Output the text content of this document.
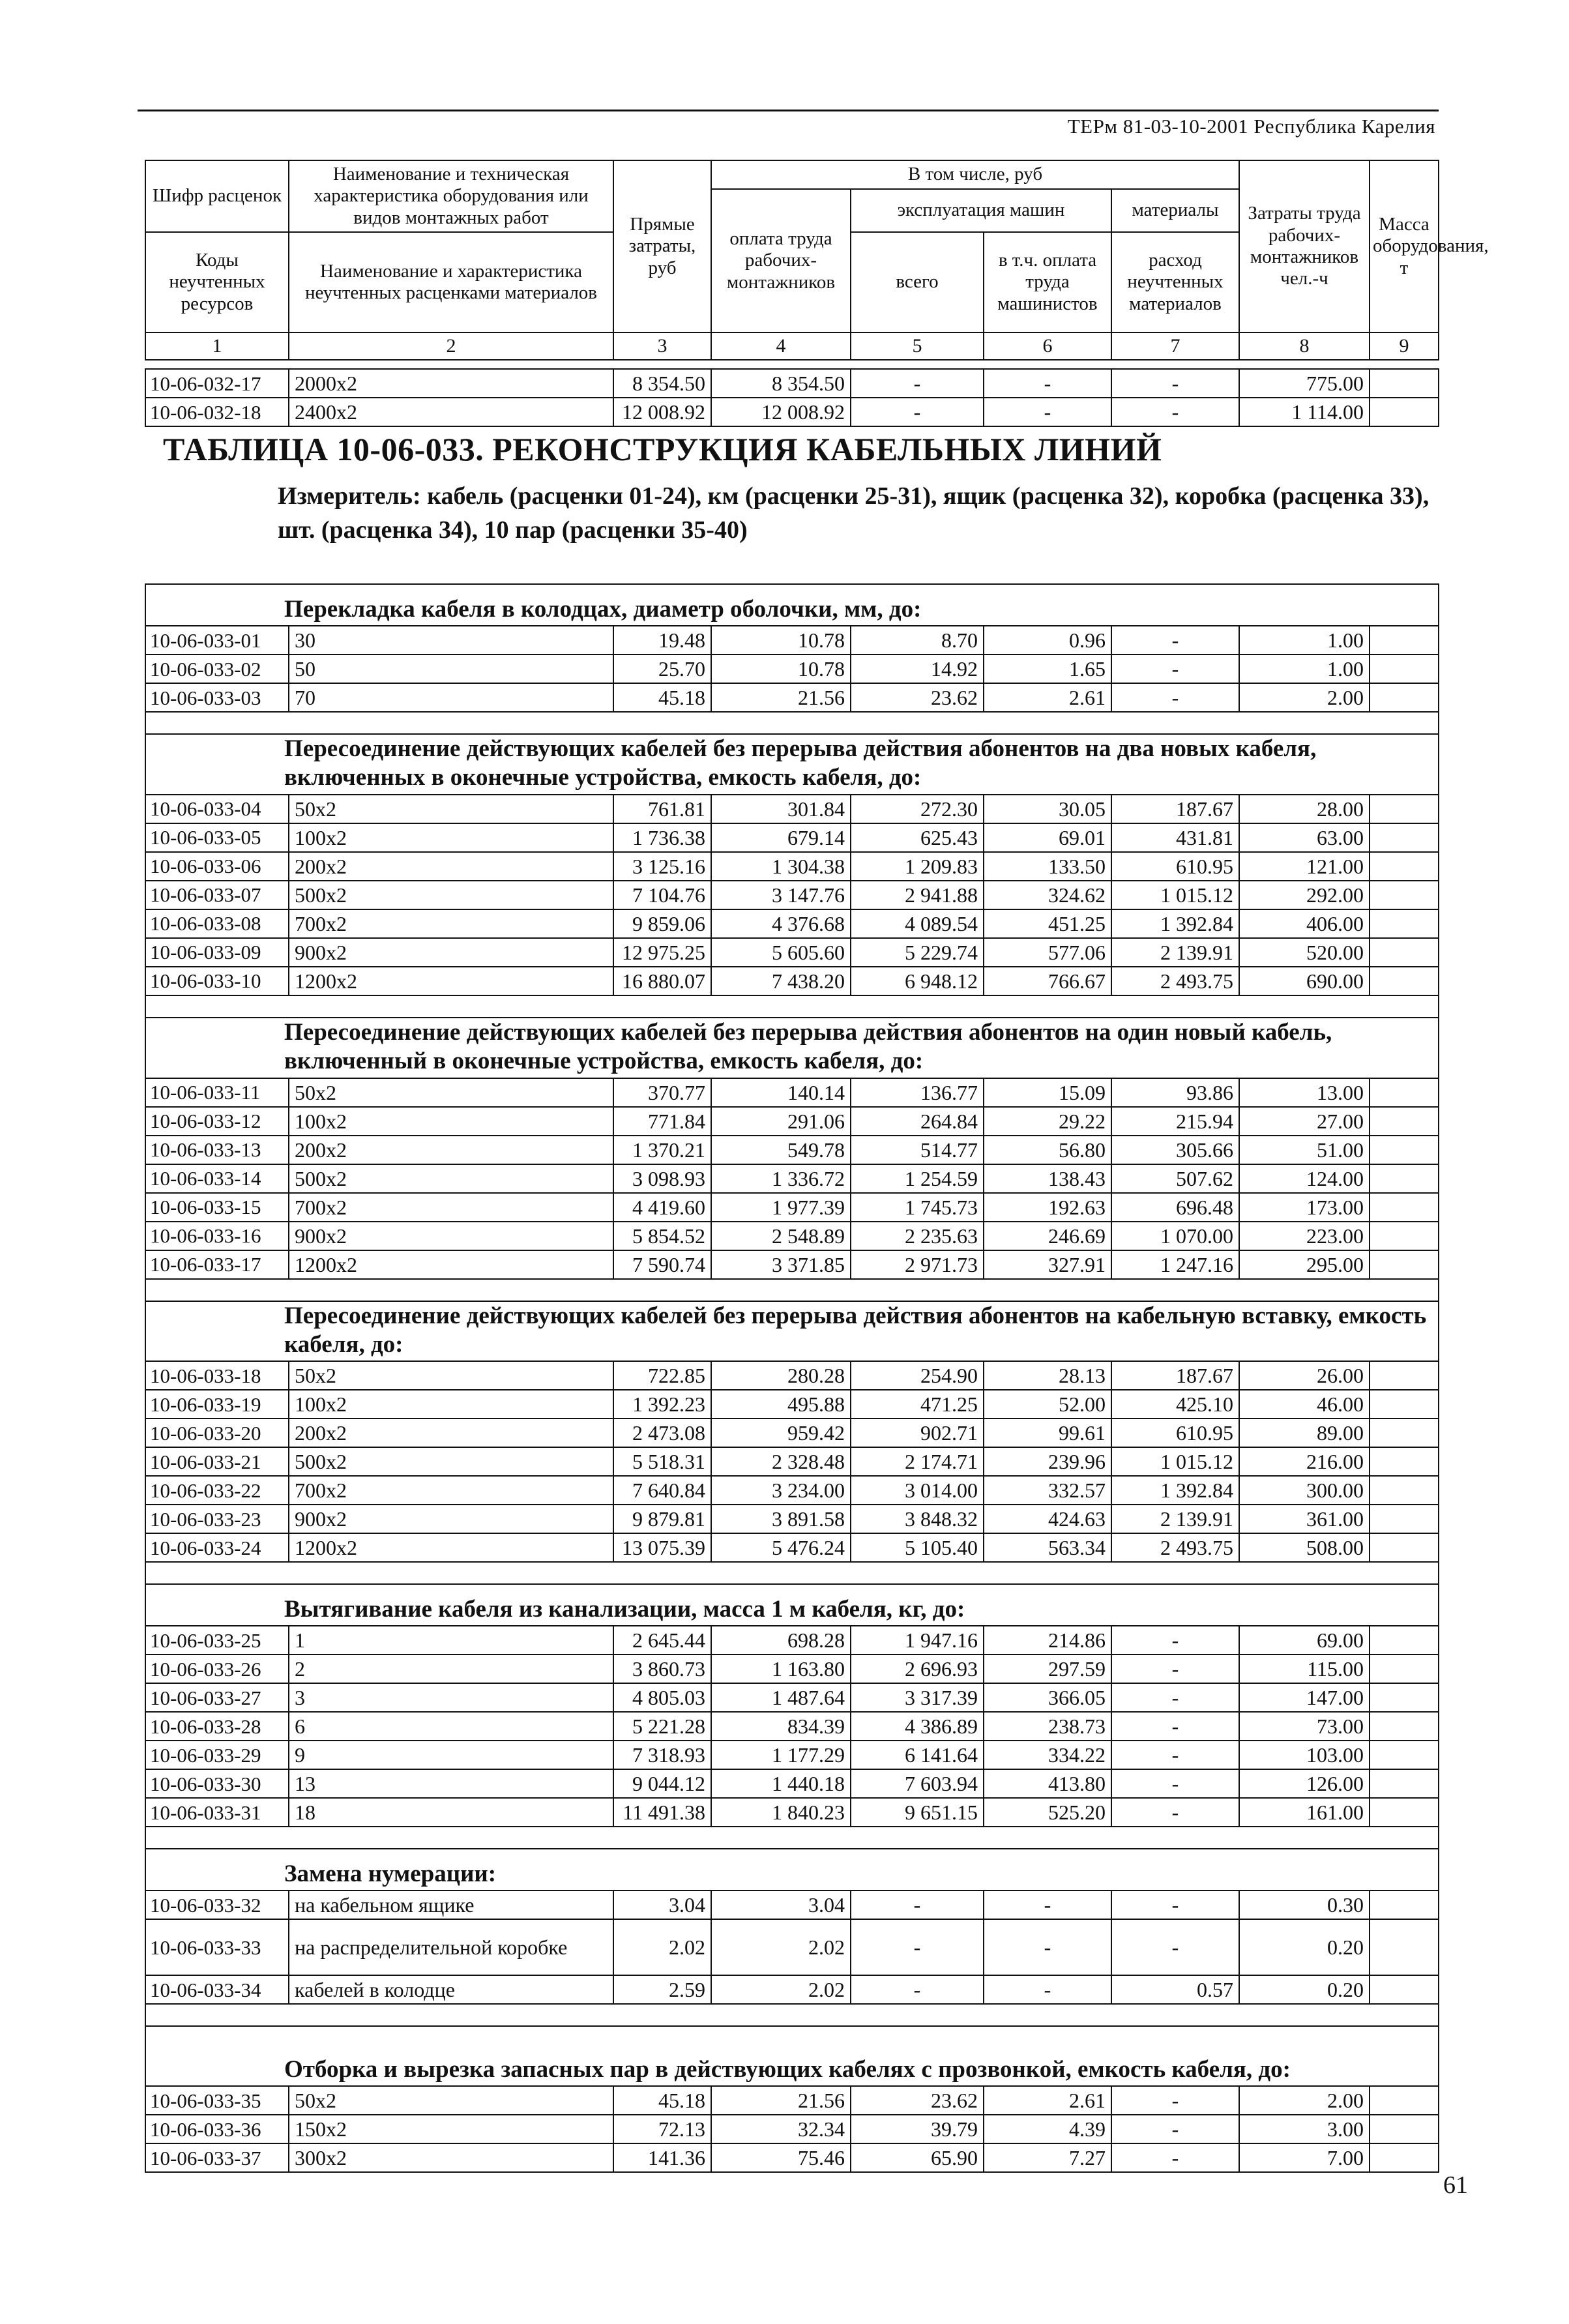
ТЕРм 81-03-10-2001 Республика Карелия
Шифр расценок	Наименование и техническая характеристика оборудования или видов монтажных работ	Прямые затраты, руб	В том числе, руб				Затраты труда рабочих-монтажников чел.-ч	Масса оборудования, т
			оплата труда рабочих-монтажников	эксплуатация машин		материалы		
Коды неучтенных ресурсов	Наименование и характеристика неучтенных расценками материалов			всего	в т.ч. оплата труда машинистов	расход неучтенных материалов		

1	2	3	4	5	6	7	8	9
10-06-032-17	2000x2	8 354.50	8 354.50	-	-	-	775.00	
10-06-032-18	2400x2	12 008.92	12 008.92	-	-	-	1 114.00	
ТАБЛИЦА 10-06-033. РЕКОНСТРУКЦИЯ КАБЕЛЬНЫХ ЛИНИЙ
Измеритель: кабель (расценки 01-24), км (расценки 25-31), ящик (расценка 32), коробка (расценка 33), шт. (расценка 34), 10 пар (расценки 35-40)
Перекладка кабеля в колодцах, диаметр оболочки, мм, до:								
10-06-033-01	30	19.48	10.78	8.70	0.96	-	1.00	
10-06-033-02	50	25.70	10.78	14.92	1.65	-	1.00	
10-06-033-03	70	45.18	21.56	23.62	2.61	-	2.00	

Пересоединение действующих кабелей без перерыва действия абонентов на два новых кабеля, включенных в оконечные устройства, емкость кабеля, до:								
10-06-033-04	50x2	761.81	301.84	272.30	30.05	187.67	28.00	
10-06-033-05	100x2	1 736.38	679.14	625.43	69.01	431.81	63.00	
10-06-033-06	200x2	3 125.16	1 304.38	1 209.83	133.50	610.95	121.00	
10-06-033-07	500x2	7 104.76	3 147.76	2 941.88	324.62	1 015.12	292.00	
10-06-033-08	700x2	9 859.06	4 376.68	4 089.54	451.25	1 392.84	406.00	
10-06-033-09	900x2	12 975.25	5 605.60	5 229.74	577.06	2 139.91	520.00	
10-06-033-10	1200x2	16 880.07	7 438.20	6 948.12	766.67	2 493.75	690.00	

Пересоединение действующих кабелей без перерыва действия абонентов на один новый кабель, включенный в оконечные устройства, емкость кабеля, до:								
10-06-033-11	50x2	370.77	140.14	136.77	15.09	93.86	13.00	
10-06-033-12	100x2	771.84	291.06	264.84	29.22	215.94	27.00	
10-06-033-13	200x2	1 370.21	549.78	514.77	56.80	305.66	51.00	
10-06-033-14	500x2	3 098.93	1 336.72	1 254.59	138.43	507.62	124.00	
10-06-033-15	700x2	4 419.60	1 977.39	1 745.73	192.63	696.48	173.00	
10-06-033-16	900x2	5 854.52	2 548.89	2 235.63	246.69	1 070.00	223.00	
10-06-033-17	1200x2	7 590.74	3 371.85	2 971.73	327.91	1 247.16	295.00	

Пересоединение действующих кабелей без перерыва действия абонентов на кабельную вставку, емкость кабеля, до:								
10-06-033-18	50x2	722.85	280.28	254.90	28.13	187.67	26.00	
10-06-033-19	100x2	1 392.23	495.88	471.25	52.00	425.10	46.00	
10-06-033-20	200x2	2 473.08	959.42	902.71	99.61	610.95	89.00	
10-06-033-21	500x2	5 518.31	2 328.48	2 174.71	239.96	1 015.12	216.00	
10-06-033-22	700x2	7 640.84	3 234.00	3 014.00	332.57	1 392.84	300.00	
10-06-033-23	900x2	9 879.81	3 891.58	3 848.32	424.63	2 139.91	361.00	
10-06-033-24	1200x2	13 075.39	5 476.24	5 105.40	563.34	2 493.75	508.00	

Вытягивание кабеля из канализации, масса 1 м кабеля, кг, до:								
10-06-033-25	1	2 645.44	698.28	1 947.16	214.86	-	69.00	
10-06-033-26	2	3 860.73	1 163.80	2 696.93	297.59	-	115.00	
10-06-033-27	3	4 805.03	1 487.64	3 317.39	366.05	-	147.00	
10-06-033-28	6	5 221.28	834.39	4 386.89	238.73	-	73.00	
10-06-033-29	9	7 318.93	1 177.29	6 141.64	334.22	-	103.00	
10-06-033-30	13	9 044.12	1 440.18	7 603.94	413.80	-	126.00	
10-06-033-31	18	11 491.38	1 840.23	9 651.15	525.20	-	161.00	

Замена нумерации:								
10-06-033-32	на кабельном ящике	3.04	3.04	-	-	-	0.30	
10-06-033-33	на распределительной коробке	2.02	2.02	-	-	-	0.20	
10-06-033-34	кабелей в колодце	2.59	2.02	-	-	0.57	0.20	

Отборка и вырезка запасных пар в действующих кабелях с прозвонкой, емкость кабеля, до:								
10-06-033-35	50x2	45.18	21.56	23.62	2.61	-	2.00	
10-06-033-36	150x2	72.13	32.34	39.79	4.39	-	3.00	
10-06-033-37	300x2	141.36	75.46	65.90	7.27	-	7.00	
61
